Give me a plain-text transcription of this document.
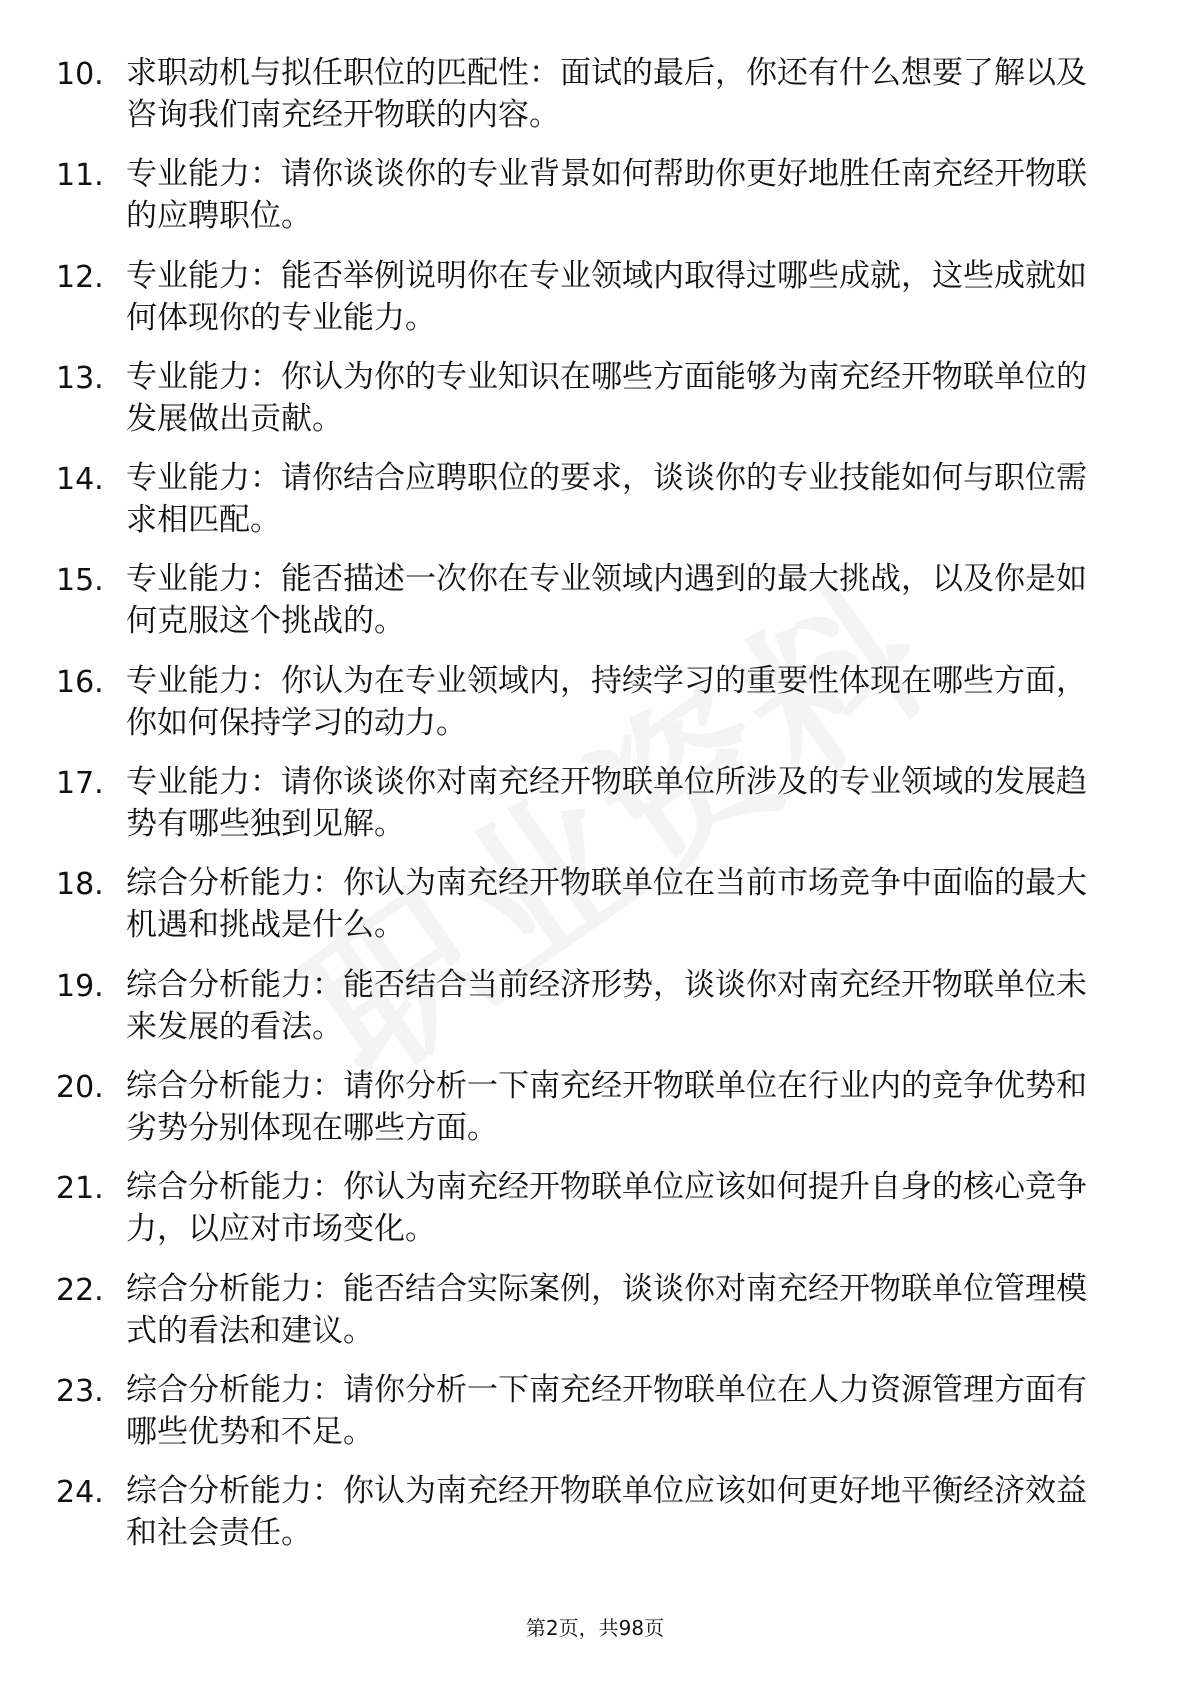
10. 求职动机与拟任职位的匹配性：面试的最后，你还有什么想要了解以及咨询我们南充经开物联的内容。
11. 专业能力：请你谈谈你的专业背景如何帮助你更好地胜任南充经开物联的应聘职位。
12. 专业能力：能否举例说明你在专业领域内取得过哪些成就，这些成就如何体现你的专业能力。
13. 专业能力：你认为你的专业知识在哪些方面能够为南充经开物联单位的发展做出贡献。
14. 专业能力：请你结合应聘职位的要求，谈谈你的专业技能如何与职位需求相匹配。
15. 专业能力：能否描述一次你在专业领域内遇到的最大挑战，以及你是如何克服这个挑战的。
16. 专业能力：你认为在专业领域内，持续学习的重要性体现在哪些方面，你如何保持学习的动力。
17. 专业能力：请你谈谈你对南充经开物联单位所涉及的专业领域的发展趋势有哪些独到见解。
18. 综合分析能力：你认为南充经开物联单位在当前市场竞争中面临的最大机遇和挑战是什么。
19. 综合分析能力：能否结合当前经济形势，谈谈你对南充经开物联单位未来发展的看法。
20. 综合分析能力：请你分析一下南充经开物联单位在行业内的竞争优势和劣势分别体现在哪些方面。
21. 综合分析能力：你认为南充经开物联单位应该如何提升自身的核心竞争力，以应对市场变化。
22. 综合分析能力：能否结合实际案例，谈谈你对南充经开物联单位管理模式的看法和建议。
23. 综合分析能力：请你分析一下南充经开物联单位在人力资源管理方面有哪些优势和不足。
24. 综合分析能力：你认为南充经开物联单位应该如何更好地平衡经济效益和社会责任。
第2页，共98页
